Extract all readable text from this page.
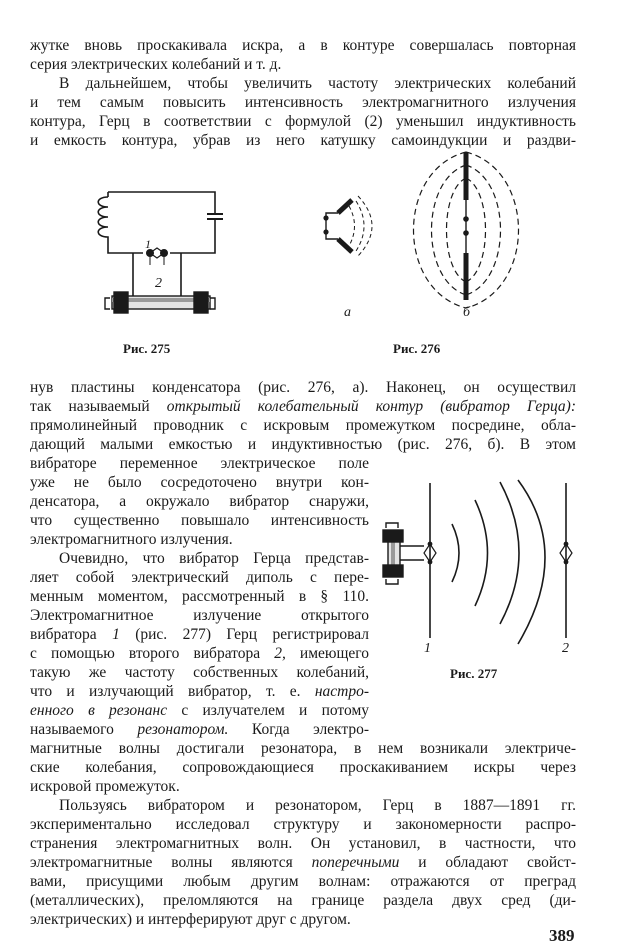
жутке вновь проскакивала искра, а в контуре совершалась повторная
серия электрических колебаний и т. д.
В дальнейшем, чтобы увеличить частоту электрических колебаний
и тем самым повысить интенсивность электромагнитного излучения
контура, Герц в соответствии с формулой (2) уменьшил индуктивность
и емкость контура, убрав из него катушку самоиндукции и раздви-
1
2
Рис. 275
а	б
Рис. 276
нув пластины конденсатора (рис. 276, а). Наконец, он осуществил
так называемый открытый колебательный контур (вибратор Герца):
прямолинейный проводник с искровым промежутком посредине, обла-
дающий малыми емкостью и индуктивностью (рис. 276, б). В этом
вибраторе переменное электрическое поле
уже не было сосредоточено внутри кон-
денсатора, а окружало вибратор снаружи,
что существенно повышало интенсивность
электромагнитного излучения.
Очевидно, что вибратор Герца представ-
ляет собой электрический диполь с пере-
менным моментом, рассмотренный в § 110.
Электромагнитное излучение открытого
вибратора 1 (рис. 277) Герц регистрировал
с помощью второго вибратора 2, имеющего
такую же частоту собственных колебаний,
что и излучающий вибратор, т. е. настро-
енного в резонанс с излучателем и потому
называемого резонатором. Когда электро-
магнитные волны достигали резонатора, в нем возникали электриче-
ские колебания, сопровождающиеся проскакиванием искры через
искровой промежуток.
1	2
Рис. 277
Пользуясь вибратором и резонатором, Герц в 1887—1891 гг.
экспериментально исследовал структуру и закономерности распро-
странения электромагнитных волн. Он установил, в частности, что
электромагнитные волны являются поперечными и обладают свойст-
вами, присущими любым другим волнам: отражаются от преград
(металлических), преломляются на границе раздела двух сред (ди-
электрических) и интерферируют друг с другом.
389
